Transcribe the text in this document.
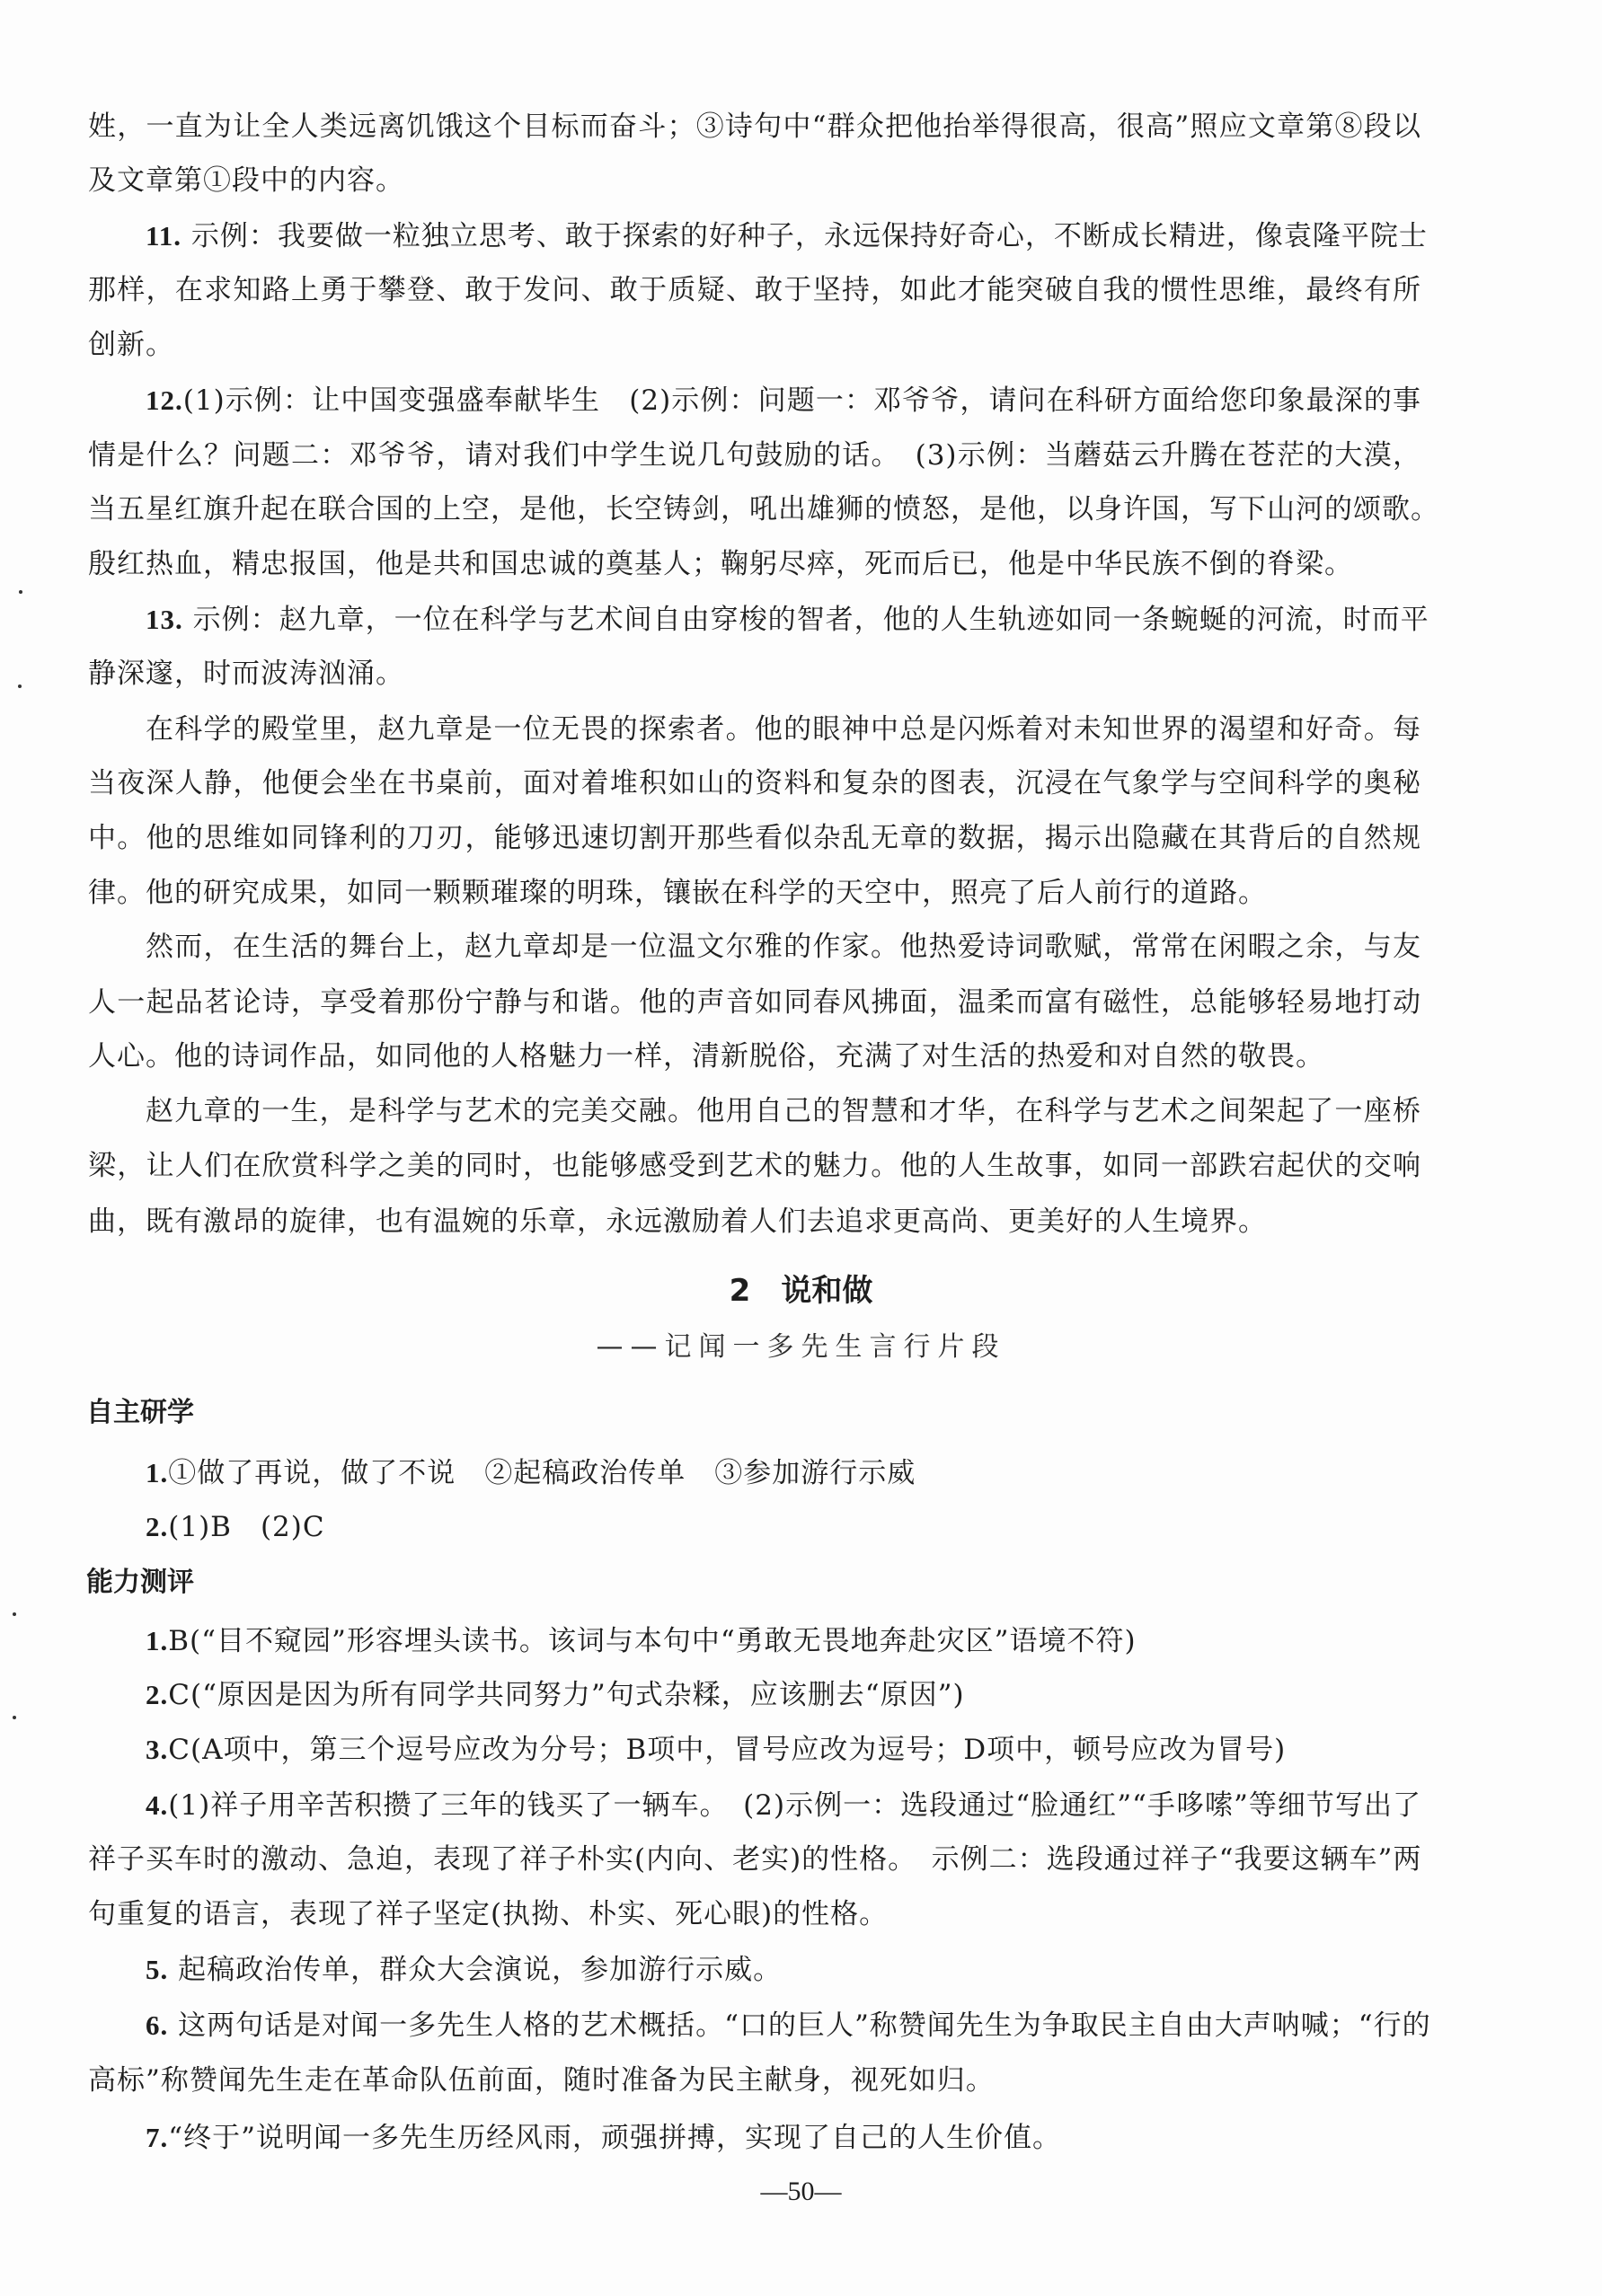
姓，一直为让全人类远离饥饿这个目标而奋斗；③诗句中“群众把他抬举得很高，很高”照应文章第⑧段以
及文章第①段中的内容。
11. 示例：我要做一粒独立思考、敢于探索的好种子，永远保持好奇心，不断成长精进，像袁隆平院士
那样，在求知路上勇于攀登、敢于发问、敢于质疑、敢于坚持，如此才能突破自我的惯性思维，最终有所
创新。
12.(1)示例：让中国变强盛奉献毕生　(2)示例：问题一：邓爷爷，请问在科研方面给您印象最深的事
情是什么？问题二：邓爷爷，请对我们中学生说几句鼓励的话。　(3)示例：当蘑菇云升腾在苍茫的大漠，
当五星红旗升起在联合国的上空，是他，长空铸剑，吼出雄狮的愤怒，是他，以身许国，写下山河的颂歌。
殷红热血，精忠报国，他是共和国忠诚的奠基人；鞠躬尽瘁，死而后已，他是中华民族不倒的脊梁。
13. 示例：赵九章，一位在科学与艺术间自由穿梭的智者，他的人生轨迹如同一条蜿蜒的河流，时而平
静深邃，时而波涛汹涌。
在科学的殿堂里，赵九章是一位无畏的探索者。他的眼神中总是闪烁着对未知世界的渴望和好奇。每
当夜深人静，他便会坐在书桌前，面对着堆积如山的资料和复杂的图表，沉浸在气象学与空间科学的奥秘
中。他的思维如同锋利的刀刃，能够迅速切割开那些看似杂乱无章的数据，揭示出隐藏在其背后的自然规
律。他的研究成果，如同一颗颗璀璨的明珠，镶嵌在科学的天空中，照亮了后人前行的道路。
然而，在生活的舞台上，赵九章却是一位温文尔雅的作家。他热爱诗词歌赋，常常在闲暇之余，与友
人一起品茗论诗，享受着那份宁静与和谐。他的声音如同春风拂面，温柔而富有磁性，总能够轻易地打动
人心。他的诗词作品，如同他的人格魅力一样，清新脱俗，充满了对生活的热爱和对自然的敬畏。
赵九章的一生，是科学与艺术的完美交融。他用自己的智慧和才华，在科学与艺术之间架起了一座桥
梁，让人们在欣赏科学之美的同时，也能够感受到艺术的魅力。他的人生故事，如同一部跌宕起伏的交响
曲，既有激昂的旋律，也有温婉的乐章，永远激励着人们去追求更高尚、更美好的人生境界。
2　说和做
——记闻一多先生言行片段
自主研学
1.①做了再说，做了不说　②起稿政治传单　③参加游行示威
2.(1)B　(2)C
能力测评
1.B(“目不窥园”形容埋头读书。该词与本句中“勇敢无畏地奔赴灾区”语境不符)
2.C(“原因是因为所有同学共同努力”句式杂糅，应该删去“原因”)
3.C(A项中，第三个逗号应改为分号；B项中，冒号应改为逗号；D项中，顿号应改为冒号)
4.(1)祥子用辛苦积攒了三年的钱买了一辆车。　(2)示例一：选段通过“脸通红”“手哆嗦”等细节写出了
祥子买车时的激动、急迫，表现了祥子朴实(内向、老实)的性格。　示例二：选段通过祥子“我要这辆车”两
句重复的语言，表现了祥子坚定(执拗、朴实、死心眼)的性格。
5. 起稿政治传单，群众大会演说，参加游行示威。
6. 这两句话是对闻一多先生人格的艺术概括。“口的巨人”称赞闻先生为争取民主自由大声呐喊；“行的
高标”称赞闻先生走在革命队伍前面，随时准备为民主献身，视死如归。
7.“终于”说明闻一多先生历经风雨，顽强拼搏，实现了自己的人生价值。
—50—
